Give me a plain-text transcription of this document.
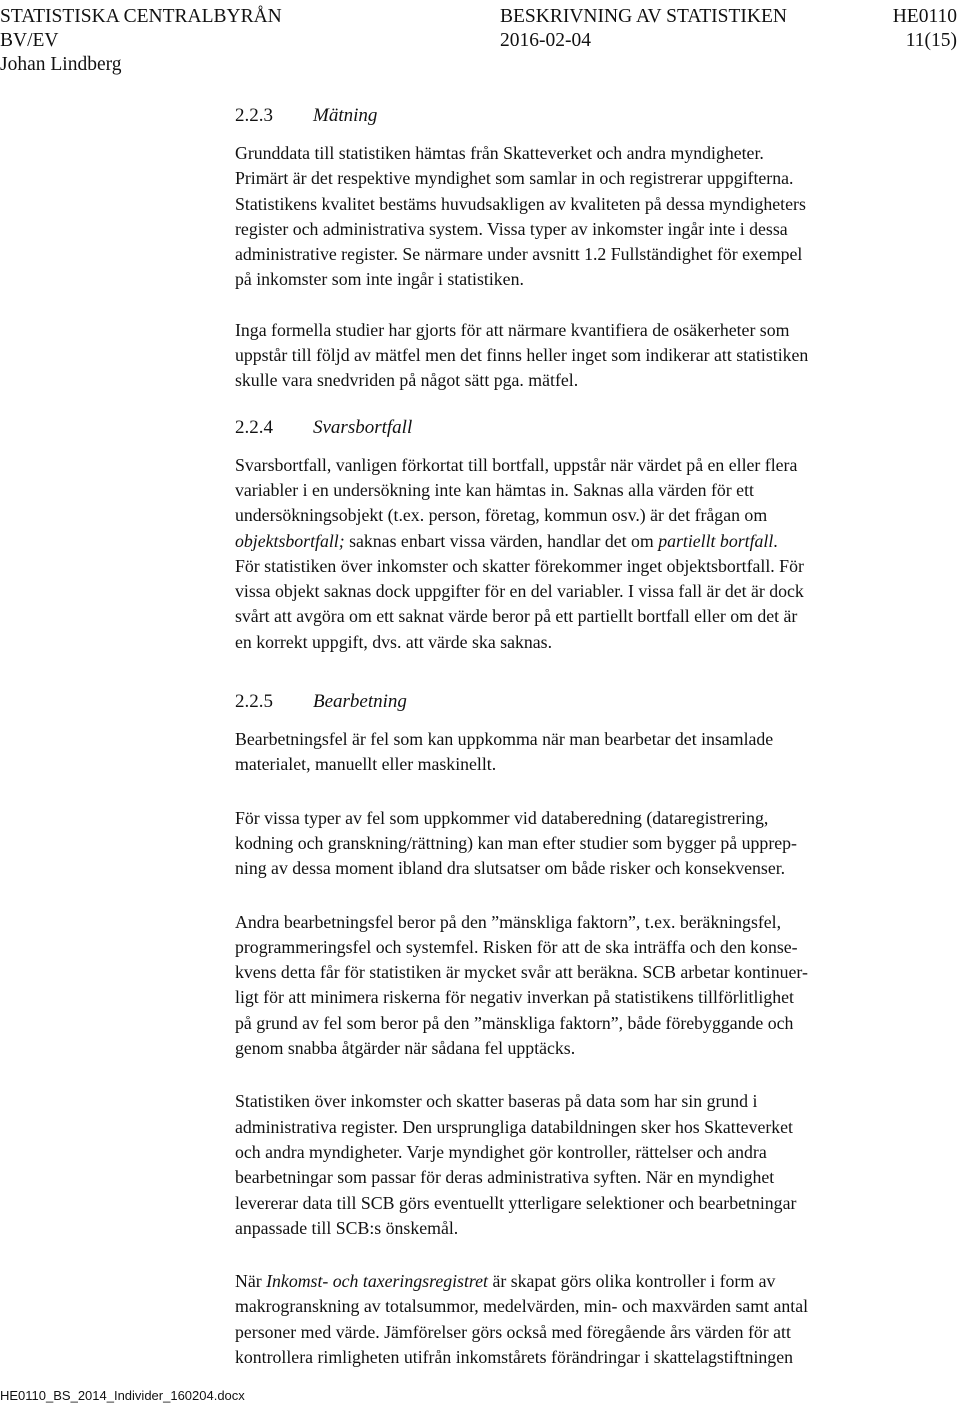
STATISTISKA CENTRALBYRÅN
BV/EV
Johan Lindberg
BESKRIVNING AV STATISTIKEN
2016-02-04
HE0110
11(15)
2.2.3 Mätning

Grunddata till statistiken hämtas från Skatteverket och andra myndigheter.
Primärt är det respektive myndighet som samlar in och registrerar uppgifterna.
Statistikens kvalitet bestäms huvudsakligen av kvaliteten på dessa myndigheters
register och administrativa system. Vissa typer av inkomster ingår inte i dessa
administrative register. Se närmare under avsnitt 1.2 Fullständighet för exempel
på inkomster som inte ingår i statistiken.

Inga formella studier har gjorts för att närmare kvantifiera de osäkerheter som
uppstår till följd av mätfel men det finns heller inget som indikerar att statistiken
skulle vara snedvriden på något sätt pga. mätfel.

2.2.4 Svarsbortfall

Svarsbortfall, vanligen förkortat till bortfall, uppstår när värdet på en eller flera
variabler i en undersökning inte kan hämtas in. Saknas alla värden för ett
undersökningsobjekt (t.ex. person, företag, kommun osv.) är det frågan om
objektsbortfall; saknas enbart vissa värden, handlar det om partiellt bortfall.
För statistiken över inkomster och skatter förekommer inget objektsbortfall. För
vissa objekt saknas dock uppgifter för en del variabler. I vissa fall är det är dock
svårt att avgöra om ett saknat värde beror på ett partiellt bortfall eller om det är
en korrekt uppgift, dvs. att värde ska saknas.

2.2.5 Bearbetning

Bearbetningsfel är fel som kan uppkomma när man bearbetar det insamlade
materialet, manuellt eller maskinellt.

För vissa typer av fel som uppkommer vid databeredning (dataregistrering,
kodning och granskning/rättning) kan man efter studier som bygger på upprep-
ning av dessa moment ibland dra slutsatser om både risker och konsekvenser.

Andra bearbetningsfel beror på den ”mänskliga faktorn”, t.ex. beräkningsfel,
programmeringsfel och systemfel. Risken för att de ska inträffa och den konse-
kvens detta får för statistiken är mycket svår att beräkna. SCB arbetar kontinuer-
ligt för att minimera riskerna för negativ inverkan på statistikens tillförlitlighet
på grund av fel som beror på den ”mänskliga faktorn”, både förebyggande och
genom snabba åtgärder när sådana fel upptäcks.

Statistiken över inkomster och skatter baseras på data som har sin grund i
administrativa register. Den ursprungliga databildningen sker hos Skatteverket
och andra myndigheter. Varje myndighet gör kontroller, rättelser och andra
bearbetningar som passar för deras administrativa syften. När en myndighet
levererar data till SCB görs eventuellt ytterligare selektioner och bearbetningar
anpassade till SCB:s önskemål.

När Inkomst- och taxeringsregistret är skapat görs olika kontroller i form av
makrogranskning av totalsummor, medelvärden, min- och maxvärden samt antal
personer med värde. Jämförelser görs också med föregående års värden för att
kontrollera rimligheten utifrån inkomstårets förändringar i skattelagstiftningen

HE0110_BS_2014_Individer_160204.docx
